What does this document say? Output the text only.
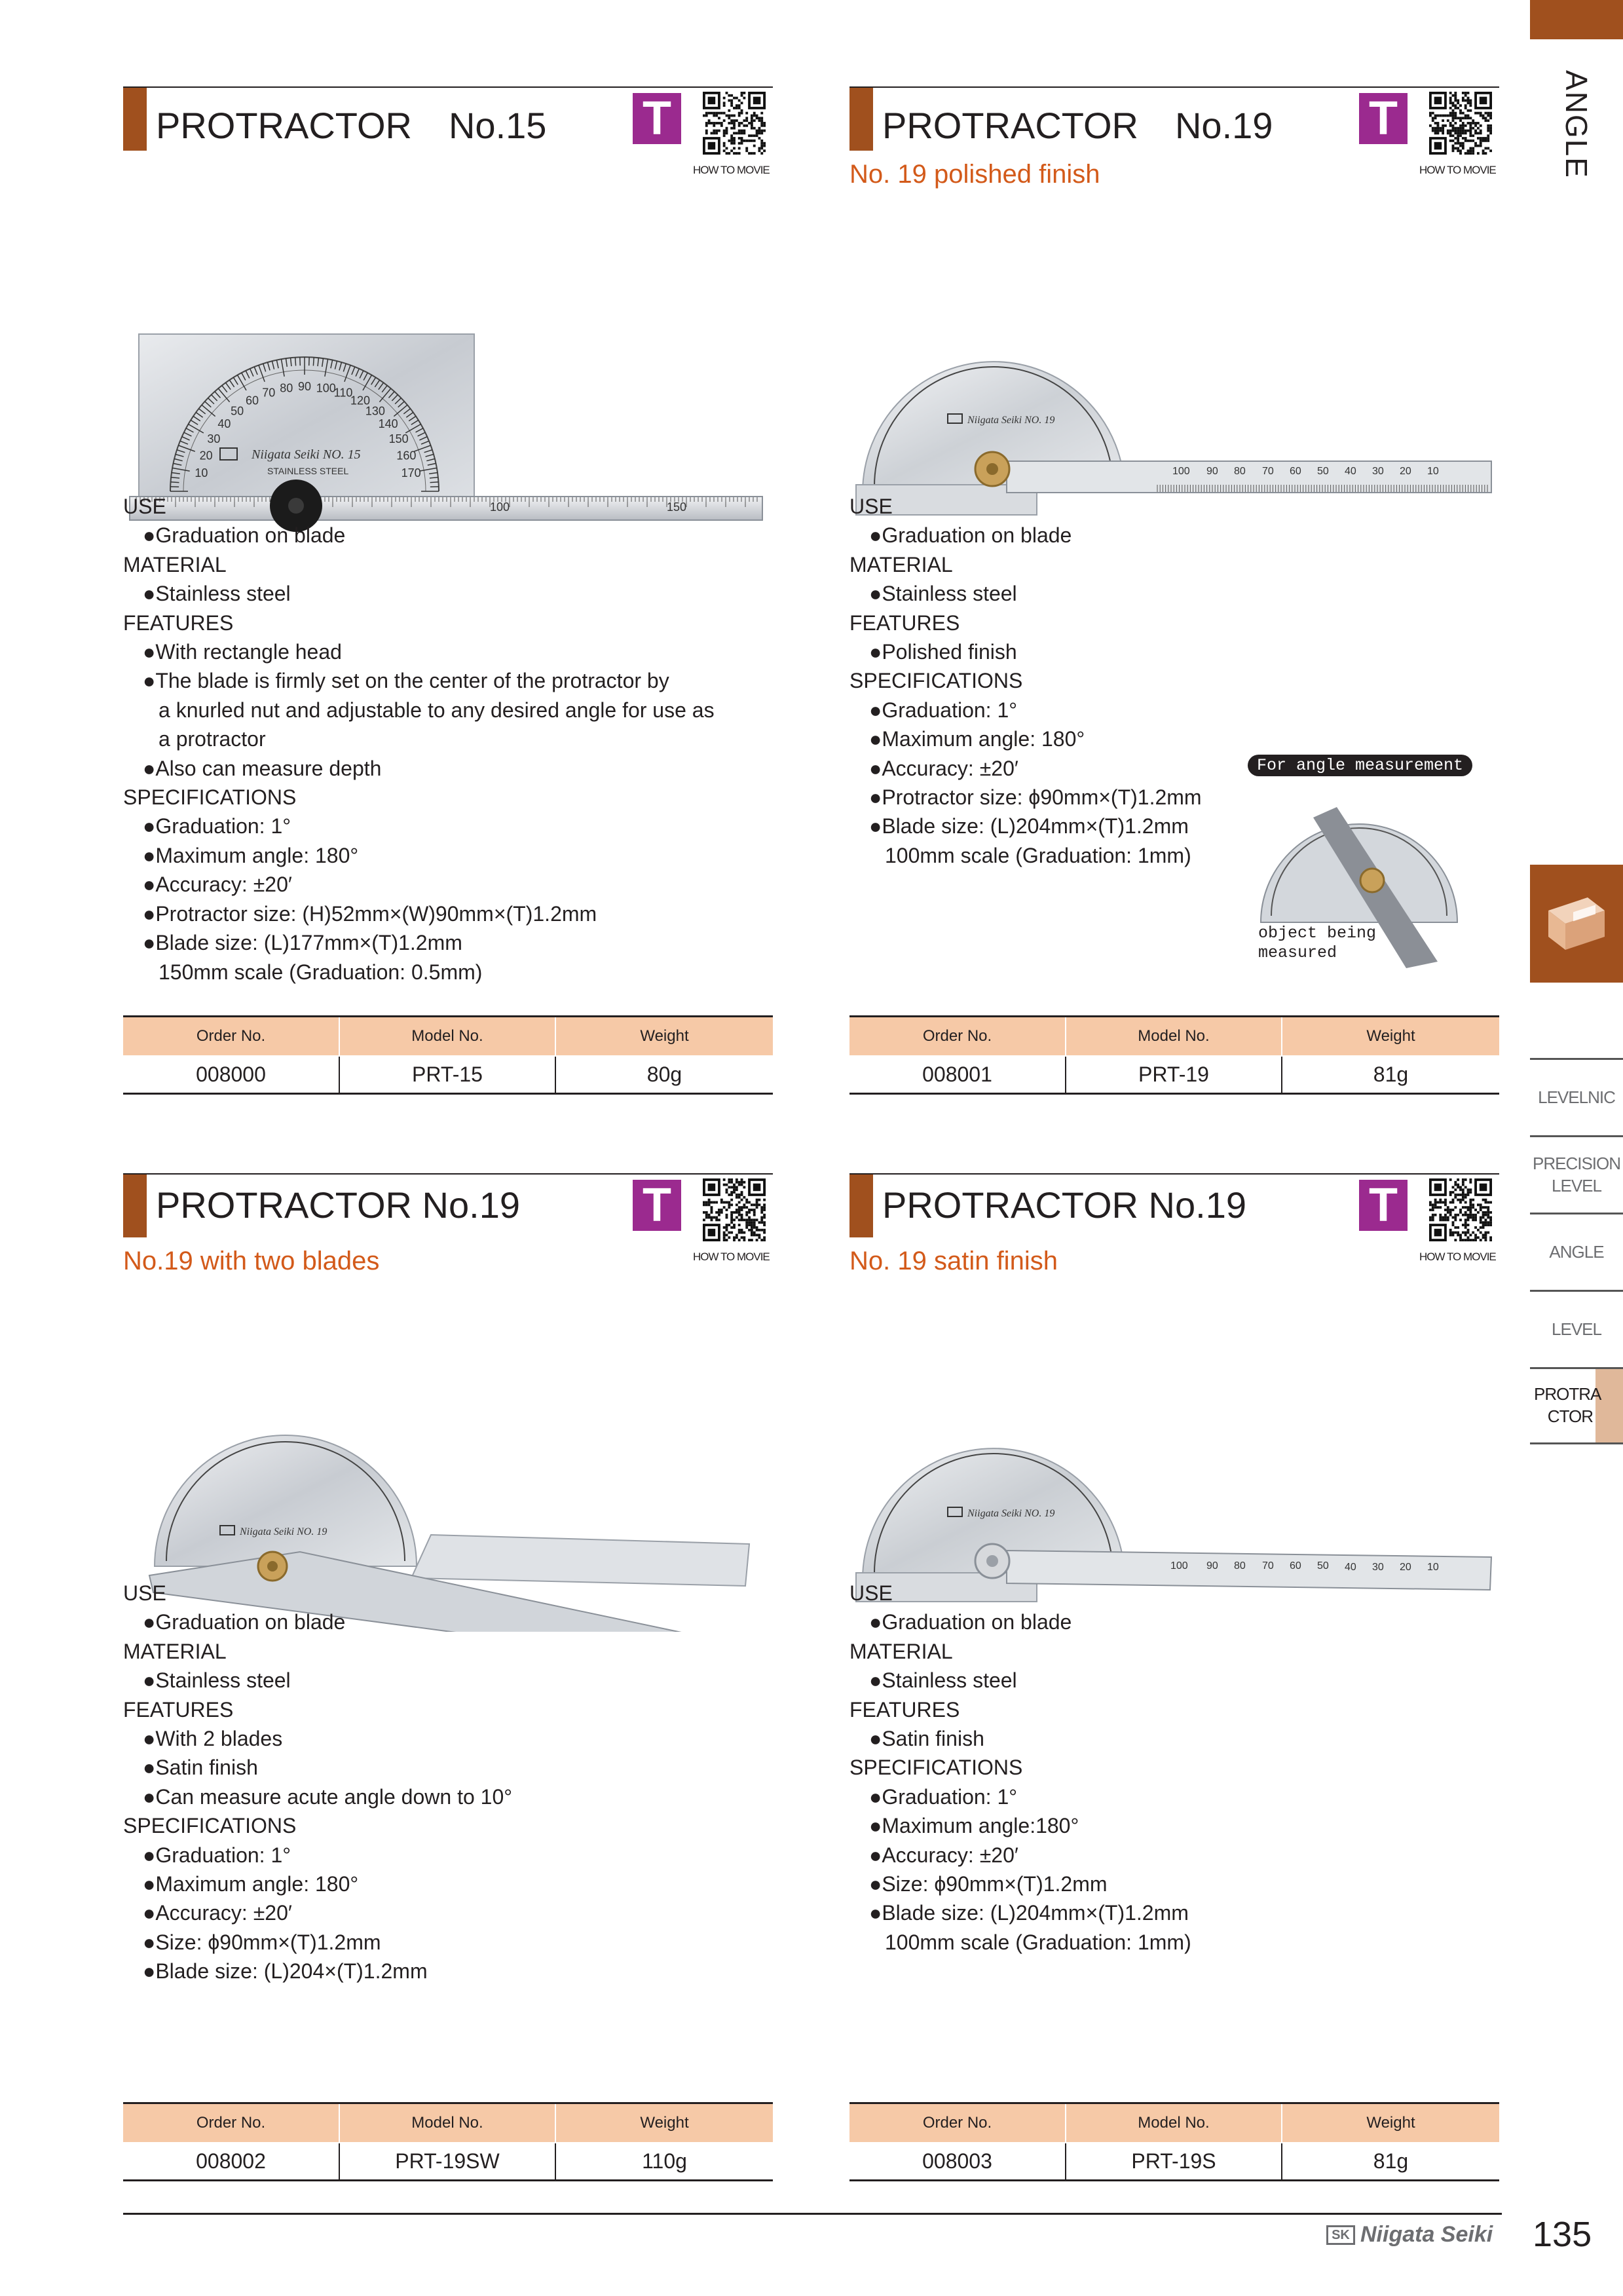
ANGLE
LEVELNIC
PRECISION
LEVEL
ANGLE
LEVEL
PROTRA
CTOR
PROTRACTOR　No.15 T
HOW TO MOVIE
10
20
30
40
50
60
70 80 90 100
110
120
130
140
150
160
170
Niigata Seiki NO. 15
STAINLESS STEEL
100	150
USE
●Graduation on blade
MATERIAL
●Stainless steel
FEATURES
●With rectangle head
●The blade is firmly set on the center of the protractor by
a knurled nut and adjustable to any desired angle for use as
a protractor
●Also can measure depth
SPECIFICATIONS
●Graduation: 1°
●Maximum angle: 180°
●Accuracy: ±20′
●Protractor size: (H)52mm×(W)90mm×(T)1.2mm
●Blade size: (L)177mm×(T)1.2mm
150mm scale (Graduation: 0.5mm)
Order No.	Model No.	Weight
008000	PRT-15	80g
PROTRACTOR　No.19 T
HOW TO MOVIE
No. 19 polished finish
Niigata Seiki NO. 19
100 90 80 70 60 50 40 30 20 10
USE
●Graduation on blade
MATERIAL
●Stainless steel
FEATURES
●Polished finish
SPECIFICATIONS
●Graduation: 1°
●Maximum angle: 180°
●Accuracy: ±20′
●Protractor size: ϕ90mm×(T)1.2mm
●Blade size: (L)204mm×(T)1.2mm
100mm scale (Graduation: 1mm)
For angle measurement
object being
measured
Order No.	Model No.	Weight
008001	PRT-19	81g
PROTRACTOR No.19	T
HOW TO MOVIE
No.19 with two blades
Niigata Seiki NO. 19
USE
●Graduation on blade
MATERIAL
●Stainless steel
FEATURES
●With 2 blades
●Satin finish
●Can measure acute angle down to 10°
SPECIFICATIONS
●Graduation: 1°
●Maximum angle: 180°
●Accuracy: ±20′
●Size: ϕ90mm×(T)1.2mm
●Blade size: (L)204×(T)1.2mm
Order No.	Model No.	Weight
008002	PRT-19SW	110g
PROTRACTOR No.19	T
HOW TO MOVIE
No. 19 satin finish
Niigata Seiki NO. 19
100 90 80 70 60 50 40 30 20 10
USE
●Graduation on blade
MATERIAL
●Stainless steel
FEATURES
●Satin finish
SPECIFICATIONS
●Graduation: 1°
●Maximum angle:180°
●Accuracy: ±20′
●Size: ϕ90mm×(T)1.2mm
●Blade size: (L)204mm×(T)1.2mm
100mm scale (Graduation: 1mm)
Order No.	Model No.	Weight
008003	PRT-19S	81g
SK Niigata Seiki 135
